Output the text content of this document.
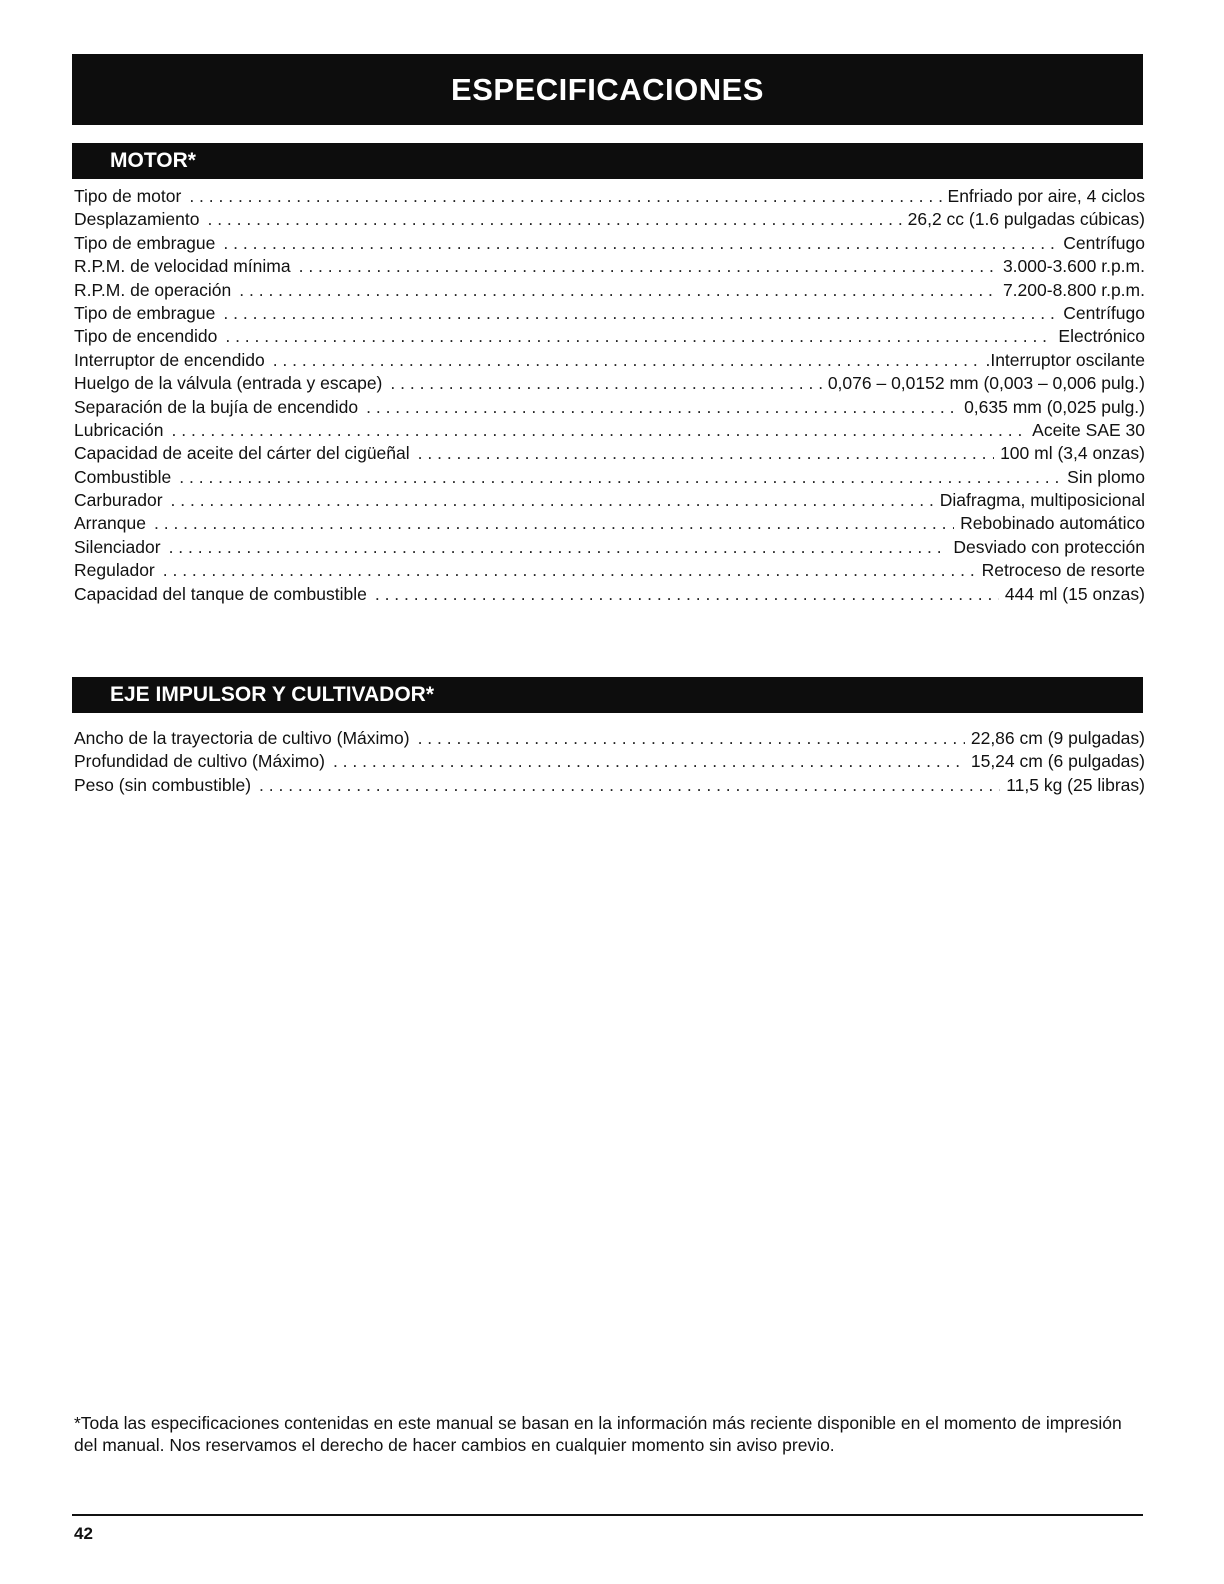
ESPECIFICACIONES
MOTOR*
Tipo de motor . . .	Enfriado por aire, 4 ciclos
Desplazamiento . . .	26,2 cc (1.6 pulgadas cúbicas)
Tipo de embrague . . .	Centrífugo
R.P.M. de velocidad mínima . . .	3.000-3.600 r.p.m.
R.P.M. de operación . . .	7.200-8.800 r.p.m.
Tipo de embrague . . .	Centrífugo
Tipo de encendido . . .	Electrónico
Interruptor de encendido . . .	.Interruptor oscilante
Huelgo de la válvula (entrada y escape) . . .	0,076 – 0,0152 mm (0,003 – 0,006 pulg.)
Separación de la bujía de encendido . . .	0,635 mm (0,025 pulg.)
Lubricación . . .	Aceite SAE 30
Capacidad de aceite del cárter del cigüeñal . . .	100 ml (3,4 onzas)
Combustible . . .	Sin plomo
Carburador . . .	Diafragma, multiposicional
Arranque . . .	Rebobinado automático
Silenciador . . .	Desviado con protección
Regulador . . .	Retroceso de resorte
Capacidad del tanque de combustible . . .	444 ml (15 onzas)
EJE IMPULSOR Y CULTIVADOR*
Ancho de la trayectoria de cultivo (Máximo) . . .	22,86 cm (9 pulgadas)
Profundidad de cultivo (Máximo) . . .	15,24 cm (6 pulgadas)
Peso (sin combustible) . . .	11,5 kg (25 libras)
*Toda las especificaciones contenidas en este manual se basan en la información más reciente disponible en el momento de impresión del manual. Nos reservamos el derecho de hacer cambios en cualquier momento sin aviso previo.
42
